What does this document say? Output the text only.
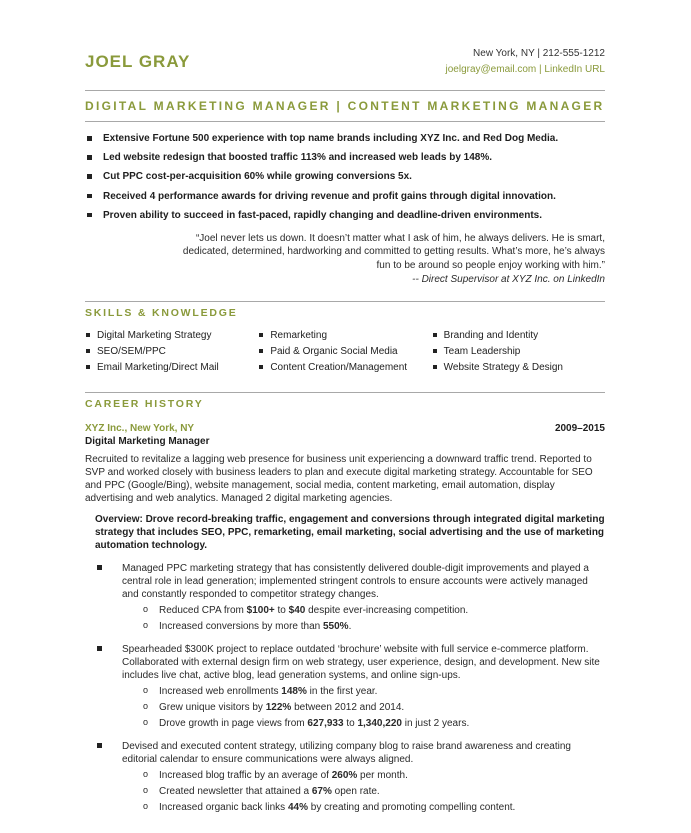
JOEL GRAY	New York, NY | 212-555-1212
joelgray@email.com | LinkedIn URL
DIGITAL MARKETING MANAGER | CONTENT MARKETING MANAGER
Extensive Fortune 500 experience with top name brands including XYZ Inc. and Red Dog Media.
Led website redesign that boosted traffic 113% and increased web leads by 148%.
Cut PPC cost-per-acquisition 60% while growing conversions 5x.
Received 4 performance awards for driving revenue and profit gains through digital innovation.
Proven ability to succeed in fast-paced, rapidly changing and deadline-driven environments.
“Joel never lets us down. It doesn’t matter what I ask of him, he always delivers. He is smart, dedicated, determined, hardworking and committed to getting results. What’s more, he’s always fun to be around so people enjoy working with him.”
-- Direct Supervisor at XYZ Inc. on LinkedIn
SKILLS & KNOWLEDGE
Digital Marketing Strategy
SEO/SEM/PPC
Email Marketing/Direct Mail
Remarketing
Paid & Organic Social Media
Content Creation/Management
Branding and Identity
Team Leadership
Website Strategy & Design
CAREER HISTORY
XYZ Inc., New York, NY	2009–2015
Digital Marketing Manager

Recruited to revitalize a lagging web presence for business unit experiencing a downward traffic trend. Reported to SVP and worked closely with business leaders to plan and execute digital marketing strategy. Accountable for SEO and PPC (Google/Bing), website management, social media, content marketing, email automation, display advertising and web analytics. Managed 2 digital marketing agencies.

Overview: Drove record-breaking traffic, engagement and conversions through integrated digital marketing strategy that includes SEO, PPC, remarketing, email marketing, social advertising and the use of marketing automation technology.

Managed PPC marketing strategy that has consistently delivered double-digit improvements and played a central role in lead generation; implemented stringent controls to ensure accounts were actively managed and constantly responded to competitor strategy changes.
o
Reduced CPA from $100+ to $40 despite ever-increasing competition.
o
Increased conversions by more than 550%.
Spearheaded $300K project to replace outdated ‘brochure’ website with full service e-commerce platform. Collaborated with external design firm on web strategy, user experience, design, and development. New site includes live chat, active blog, lead generation systems, and online sign-ups.
o
Increased web enrollments 148% in the first year.
o
Grew unique visitors by 122% between 2012 and 2014.
o
Drove growth in page views from 627,933 to 1,340,220 in just 2 years.
Devised and executed content strategy, utilizing company blog to raise brand awareness and creating editorial calendar to ensure communications were always aligned.
o
Increased blog traffic by an average of 260% per month.
o
Created newsletter that attained a 67% open rate.
o
Increased organic back links 44% by creating and promoting compelling content.
